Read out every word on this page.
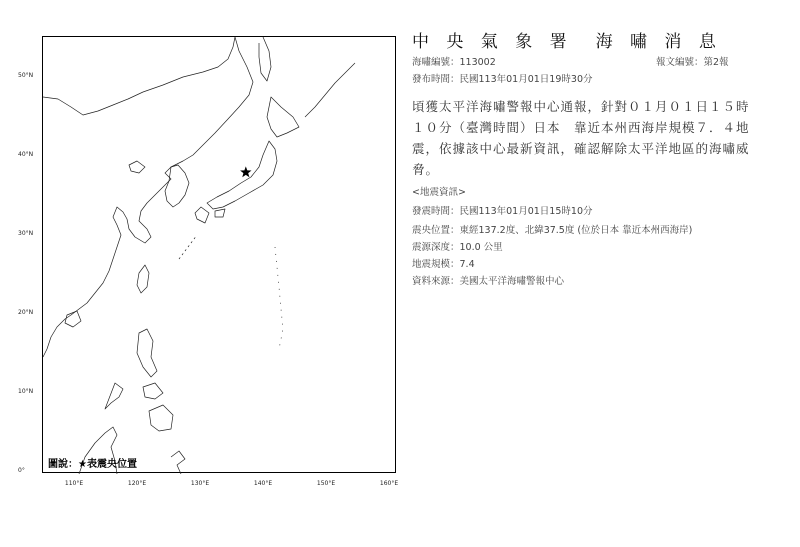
50°N
40°N
30°N
20°N
10°N
0°
110°E	120°E	130°E	140°E	150°E	160°E
圖說：★表震央位置
中 央 氣 象 署　海 嘯 消 息
海嘯編號：113002	報文編號：第2報
發布時間：民國113年01月01日19時30分
頃獲太平洋海嘯警報中心通報，針對０１月０１日１５時１０分（臺灣時間）日本　靠近本州西海岸規模７．４地震，依據該中心最新資訊，確認解除太平洋地區的海嘯威脅。
<地震資訊>
發震時間：民國113年01月01日15時10分
震央位置：東經137.2度、北緯37.5度 (位於日本 靠近本州西海岸)
震源深度：10.0 公里
地震規模：7.4
資料來源：美國太平洋海嘯警報中心
